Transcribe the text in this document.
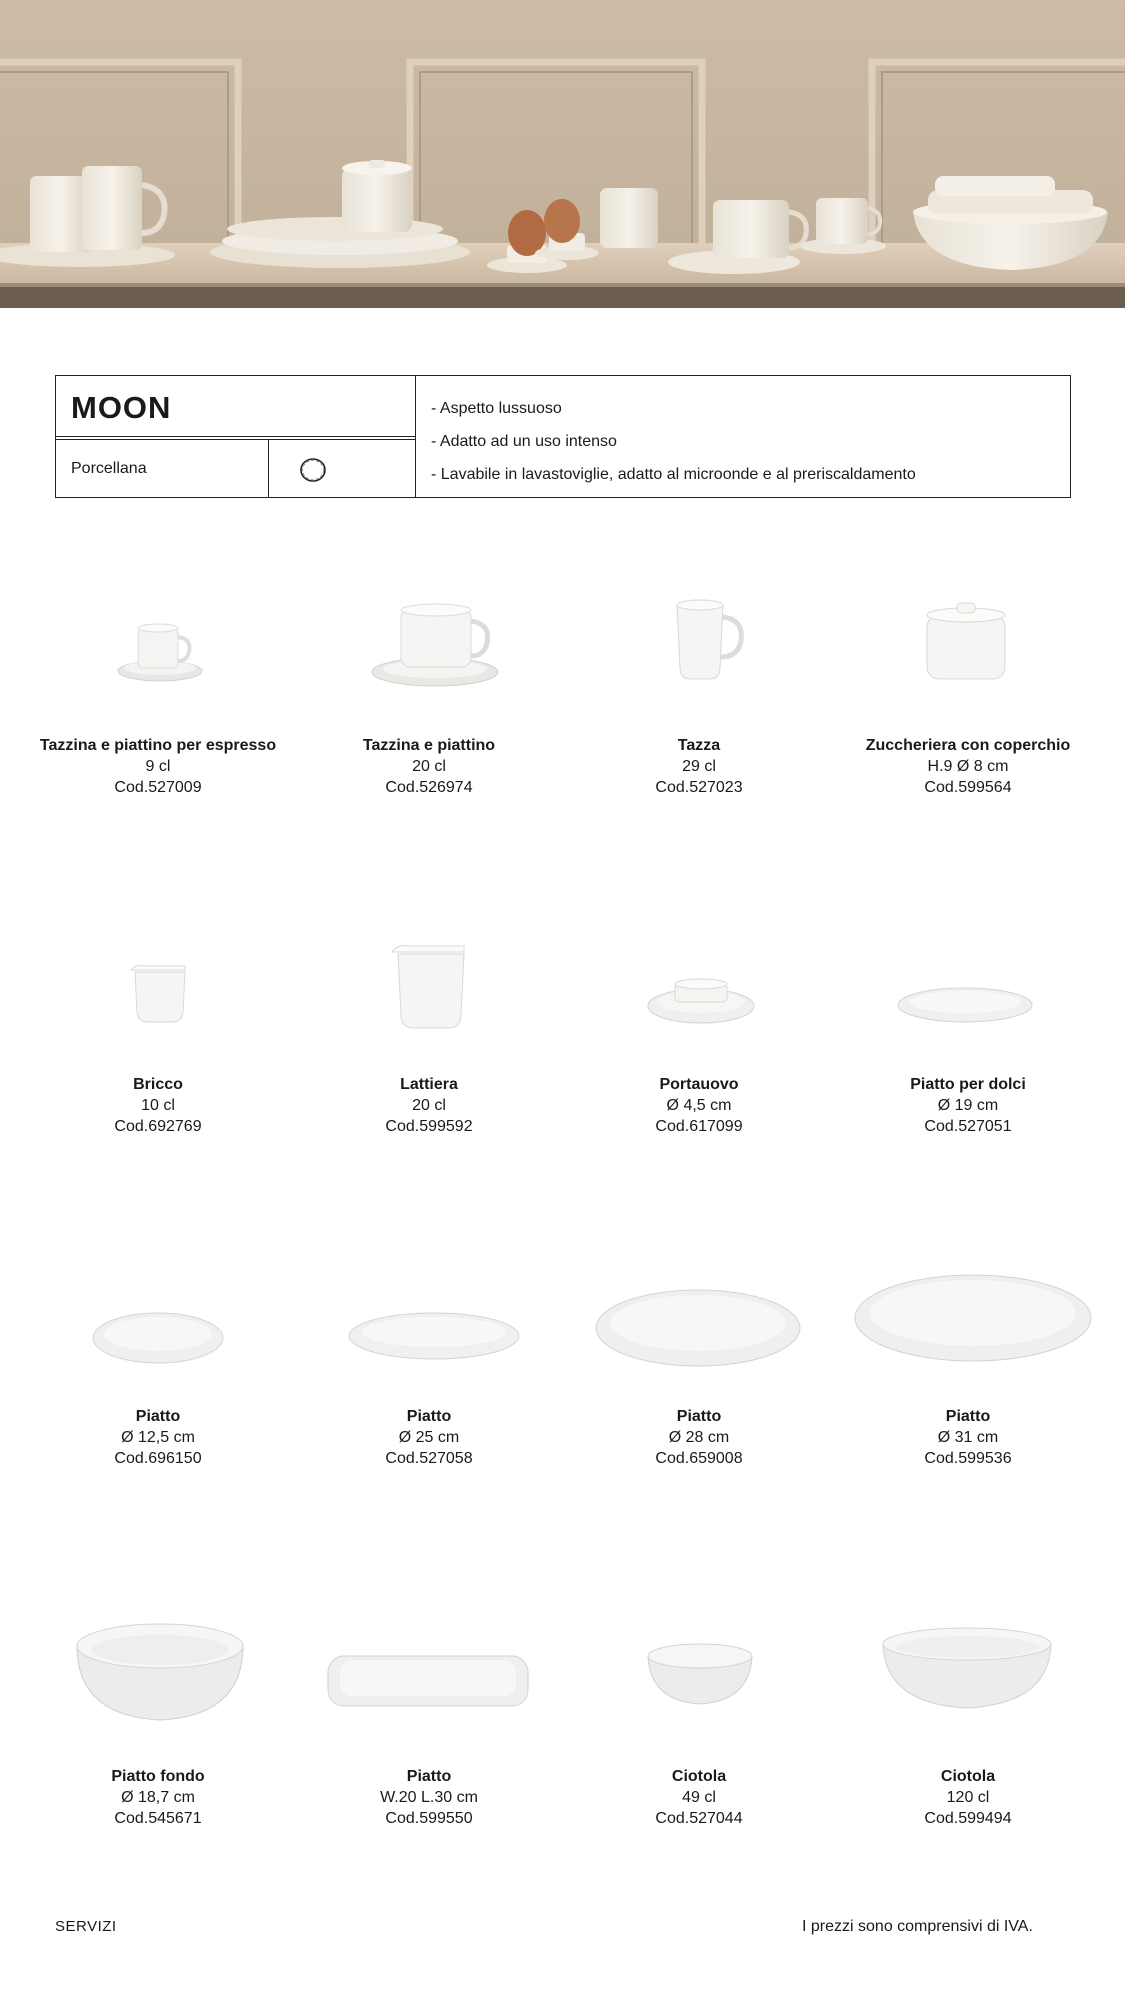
MOON
Porcellana
- Aspetto lussuoso
- Adatto ad un uso intenso
- Lavabile in lavastoviglie, adatto al microonde e al preriscaldamento
Tazzina e piattino per espresso
9 cl
Cod.527009
Tazzina e piattino
20 cl
Cod.526974
Tazza
29 cl
Cod.527023
Zuccheriera con coperchio
H.9 Ø 8 cm
Cod.599564
Bricco
10 cl
Cod.692769
Lattiera
20 cl
Cod.599592
Portauovo
Ø 4,5 cm
Cod.617099
Piatto per dolci
Ø 19 cm
Cod.527051
Piatto
Ø 12,5 cm
Cod.696150
Piatto
Ø 25 cm
Cod.527058
Piatto
Ø 28 cm
Cod.659008
Piatto
Ø 31 cm
Cod.599536
Piatto fondo
Ø 18,7 cm
Cod.545671
Piatto
W.20 L.30 cm
Cod.599550
Ciotola
49 cl
Cod.527044
Ciotola
120 cl
Cod.599494
SERVIZI	I prezzi sono comprensivi di IVA.
